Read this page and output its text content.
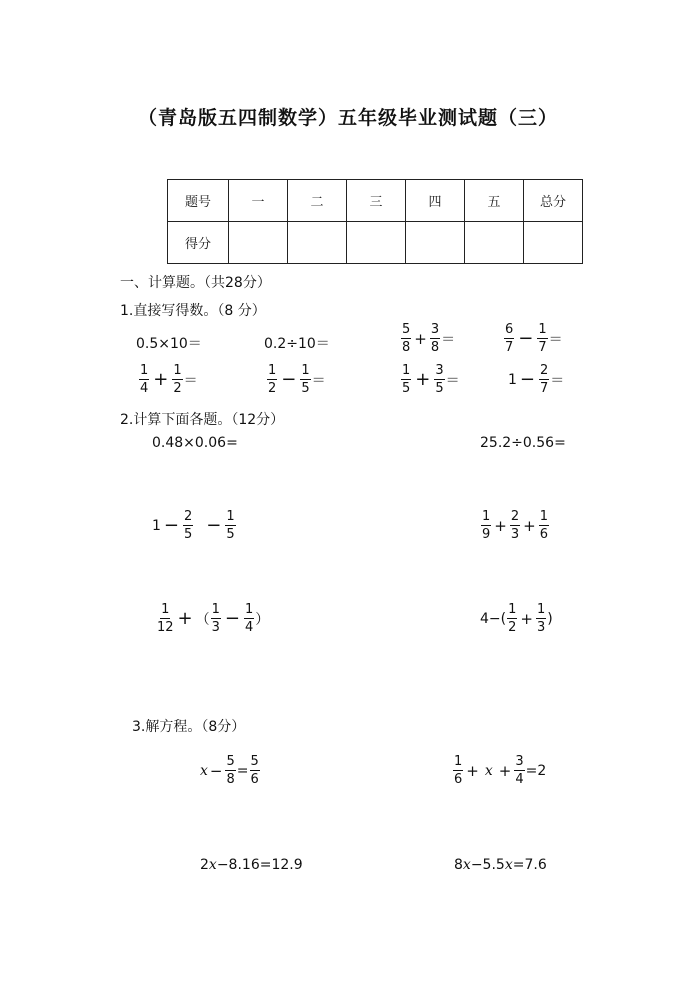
（青岛版五四制数学）五年级毕业测试题（三）
题号	一	二	三	四	五	总分
得分						
一、计算题。（共28分）
1.直接写得数。（8 分）
0.5×10＝	0.2÷10＝	$\frac{5}{8} + \frac{3}{8}$ ＝	$\frac{6}{7} - \frac{1}{7}$ ＝
$\frac{1}{4} + \frac{1}{2}$ ＝	$\frac{1}{2} - \frac{1}{5}$ ＝	$\frac{1}{5} + \frac{3}{5}$ ＝	$1 - \frac{2}{7}$ ＝
2.计算下面各题。（12分）
0.48×0.06=	25.2÷0.56=
$1 - \frac{2}{5} - \frac{1}{5}$	$\frac{1}{9} + \frac{2}{3} + \frac{1}{6}$
$\frac{1}{12}$ + （ $\frac{1}{3} - \frac{1}{4}$ ）	4 − ( $\frac{1}{2} + \frac{1}{3}$ )
3.解方程。（8分）
$x - \frac{5}{8} = \frac{5}{6}$	$\frac{1}{6} + x + \frac{3}{4} =2$
2 x −8.16=12.9	8 x −5.5 x =7.6
